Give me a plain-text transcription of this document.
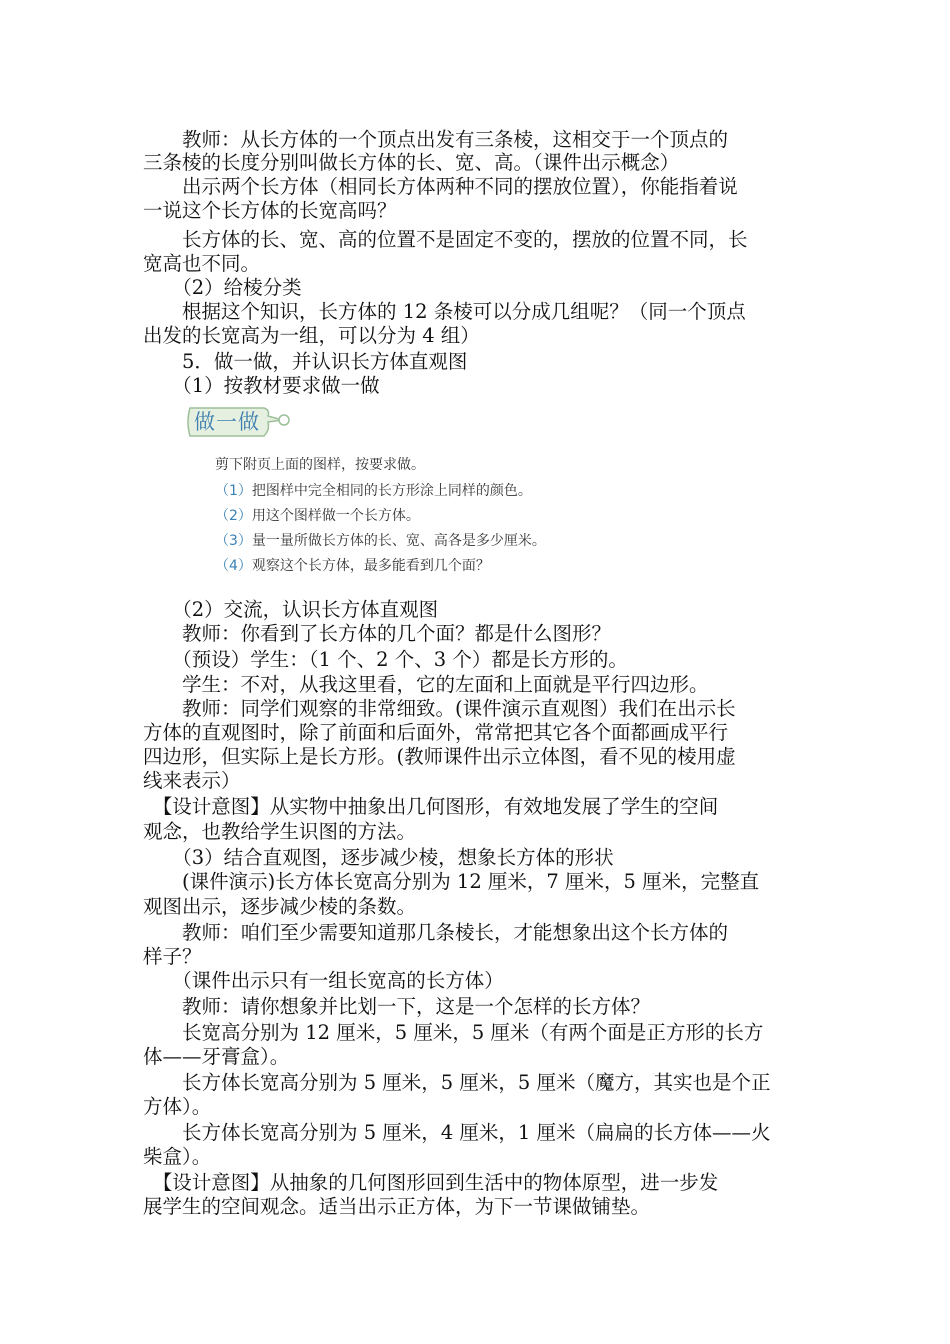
做一做
剪下附页上面的图样，按要求做。
（1）把图样中完全相同的长方形涂上同样的颜色。
（2）用这个图样做一个长方体。
（3）量一量所做长方体的长、宽、高各是多少厘米。
（4）观察这个长方体，最多能看到几个面？

　　教师：从长方体的一个顶点出发有三条棱，这相交于一个顶点的

三条棱的长度分别叫做长方体的长、宽、高。（课件出示概念）

　　出示两个长方体（相同长方体两种不同的摆放位置），你能指着说

一说这个长方体的长宽高吗？

　　长方体的长、宽、高的位置不是固定不变的，摆放的位置不同，长

宽高也不同。

　　（2）给棱分类

　　根据这个知识，长方体的 12 条棱可以分成几组呢？（同一个顶点

出发的长宽高为一组，可以分为 4 组）

　　5．做一做，并认识长方体直观图

　　（1）按教材要求做一做

　　（2）交流，认识长方体直观图

　　教师：你看到了长方体的几个面？都是什么图形？

　　（预设）学生：（1 个、2 个、3 个）都是长方形的。

　　学生：不对，从我这里看，它的左面和上面就是平行四边形。

　　教师：同学们观察的非常细致。(课件演示直观图）我们在出示长

方体的直观图时，除了前面和后面外，常常把其它各个面都画成平行

四边形，但实际上是长方形。(教师课件出示立体图，看不见的棱用虚

线来表示）

　【设计意图】从实物中抽象出几何图形，有效地发展了学生的空间

观念，也教给学生识图的方法。

　　（3）结合直观图，逐步减少棱，想象长方体的形状

　　(课件演示)长方体长宽高分别为 12 厘米，7 厘米，5 厘米，完整直

观图出示，逐步减少棱的条数。

　　教师：咱们至少需要知道那几条棱长，才能想象出这个长方体的

样子？

　　（课件出示只有一组长宽高的长方体）

　　教师：请你想象并比划一下，这是一个怎样的长方体？

　　长宽高分别为 12 厘米，5 厘米，5 厘米（有两个面是正方形的长方

体——牙膏盒）。

　　长方体长宽高分别为 5 厘米，5 厘米，5 厘米（魔方，其实也是个正

方体）。

　　长方体长宽高分别为 5 厘米，4 厘米，1 厘米（扁扁的长方体——火

柴盒）。

　【设计意图】从抽象的几何图形回到生活中的物体原型，进一步发

展学生的空间观念。适当出示正方体，为下一节课做铺垫。
